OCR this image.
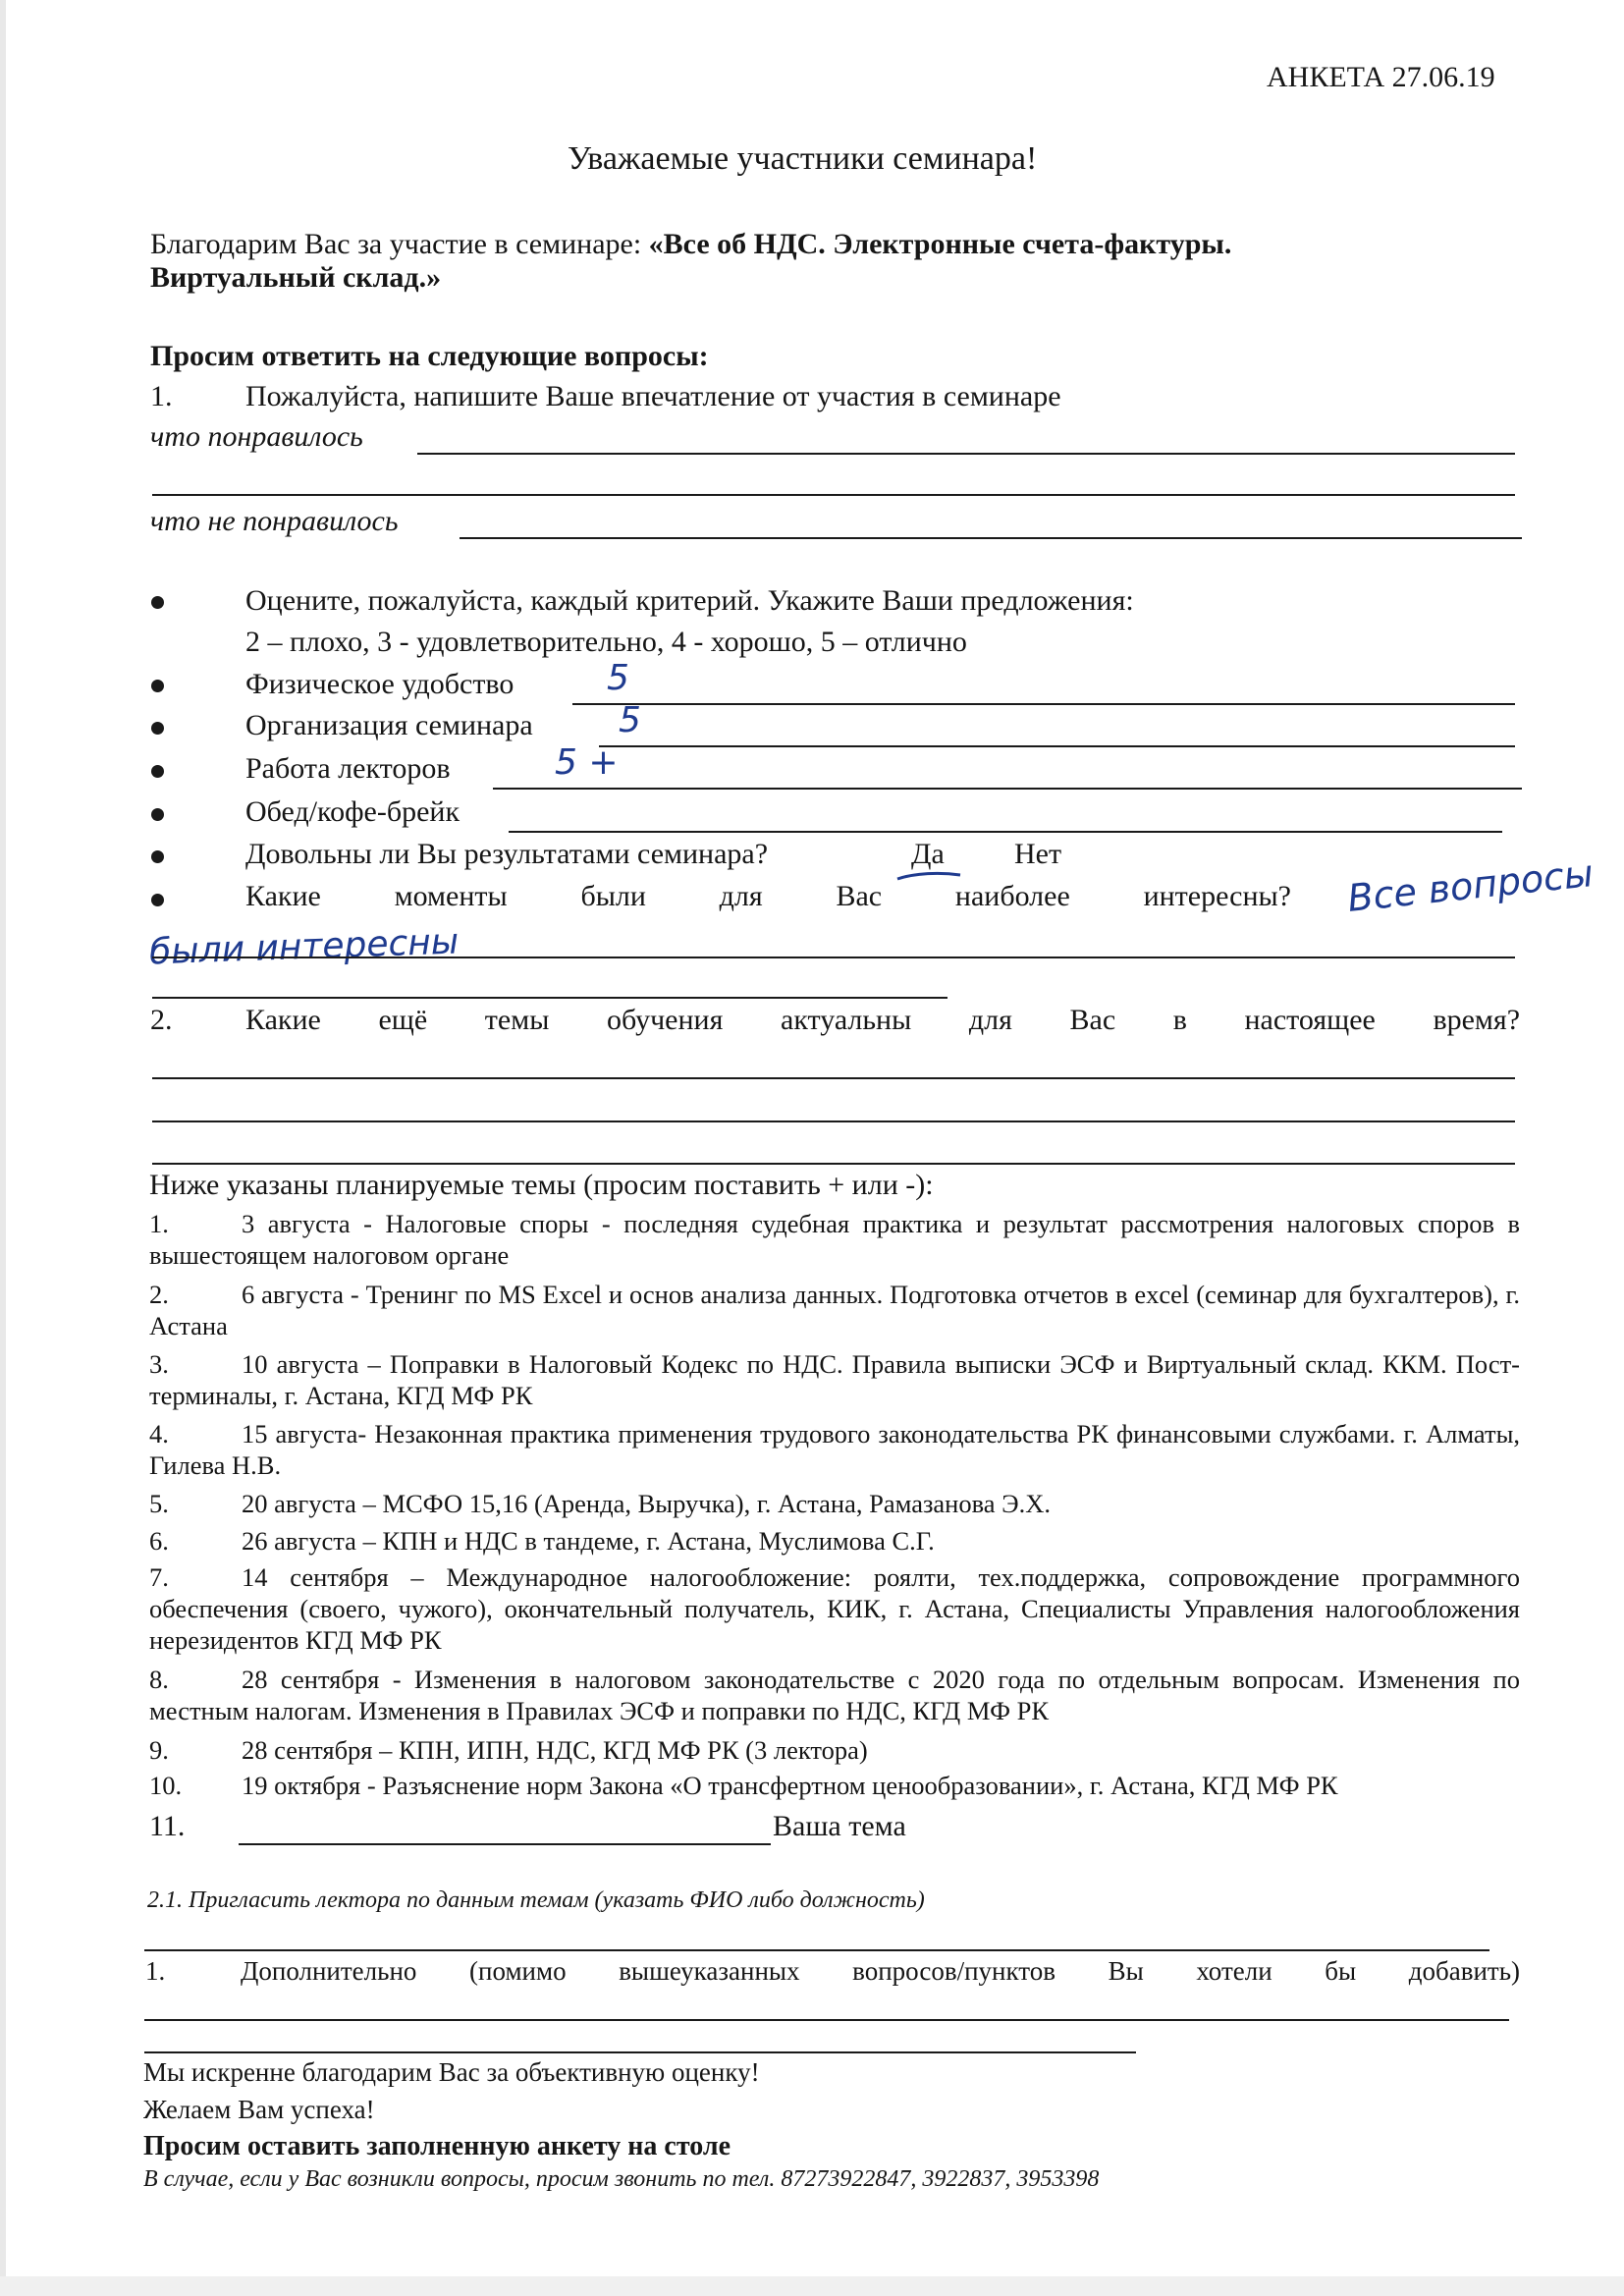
АНКЕТА 27.06.19
Уважаемые участники семинара!
Благодарим Вас за участие в семинаре: «Все об НДС. Электронные счета-фактуры.
Виртуальный склад.»
Просим ответить на следующие вопросы:
1. Пожалуйста, напишите Ваше впечатление от участия в семинаре
что понравилось
что не понравилось
Оцените, пожалуйста, каждый критерий. Укажите Ваши предложения:
2 – плохо, 3 - удовлетворительно, 4 - хорошо, 5 – отлично
Физическое удобство	5
Организация семинара 5
Работа лекторов	5 +
Обед/кофе-брейк
Довольны ли Вы результатами семинара?	Да Нет
Какие моменты были для Вас наиболее интересны? Все вопросы
были интересны
2. Какие ещё темы обучения актуальны для Вас в настоящее время?
Ниже указаны планируемые темы (просим поставить + или -):
1.	3 августа - Налоговые споры - последняя судебная практика и результат рассмотрения налоговых споров в вышестоящем налоговом органе
2.	6 августа - Тренинг по MS Excel и основ анализа данных. Подготовка отчетов в excel (семинар для бухгалтеров), г. Астана
3.	10 августа – Поправки в Налоговый Кодекс по НДС. Правила выписки ЭСФ и Виртуальный склад. ККМ. Пост-терминалы, г. Астана, КГД МФ РК
4.	15 августа- Незаконная практика применения трудового законодательства РК финансовыми службами. г. Алматы, Гилева Н.В.
5.	20 августа – МСФО 15,16 (Аренда, Выручка), г. Астана, Рамазанова Э.Х.
6.	26 августа – КПН и НДС в тандеме, г. Астана, Муслимова С.Г.
7.	14 сентября – Международное налогообложение: роялти, тех.поддержка, сопровождение программного обеспечения (своего, чужого), окончательный получатель, КИК, г. Астана, Специалисты Управления налогообложения нерезидентов КГД МФ РК
8.	28 сентября - Изменения в налоговом законодательстве с 2020 года по отдельным вопросам. Изменения по местным налогам. Изменения в Правилах ЭСФ и поправки по НДС, КГД МФ РК
9.	28 сентября – КПН, ИПН, НДС, КГД МФ РК (3 лектора)
10.	19 октября - Разъяснение норм Закона «О трансфертном ценообразовании», г. Астана, КГД МФ РК
11.	Ваша тема
2.1. Пригласить лектора по данным темам (указать ФИО либо должность)
1.	Дополнительно (помимо вышеуказанных вопросов/пунктов Вы хотели бы добавить)
Мы искренне благодарим Вас за объективную оценку!
Желаем Вам успеха!
Просим оставить заполненную анкету на столе
В случае, если у Вас возникли вопросы, просим звонить по тел. 87273922847, 3922837, 3953398
